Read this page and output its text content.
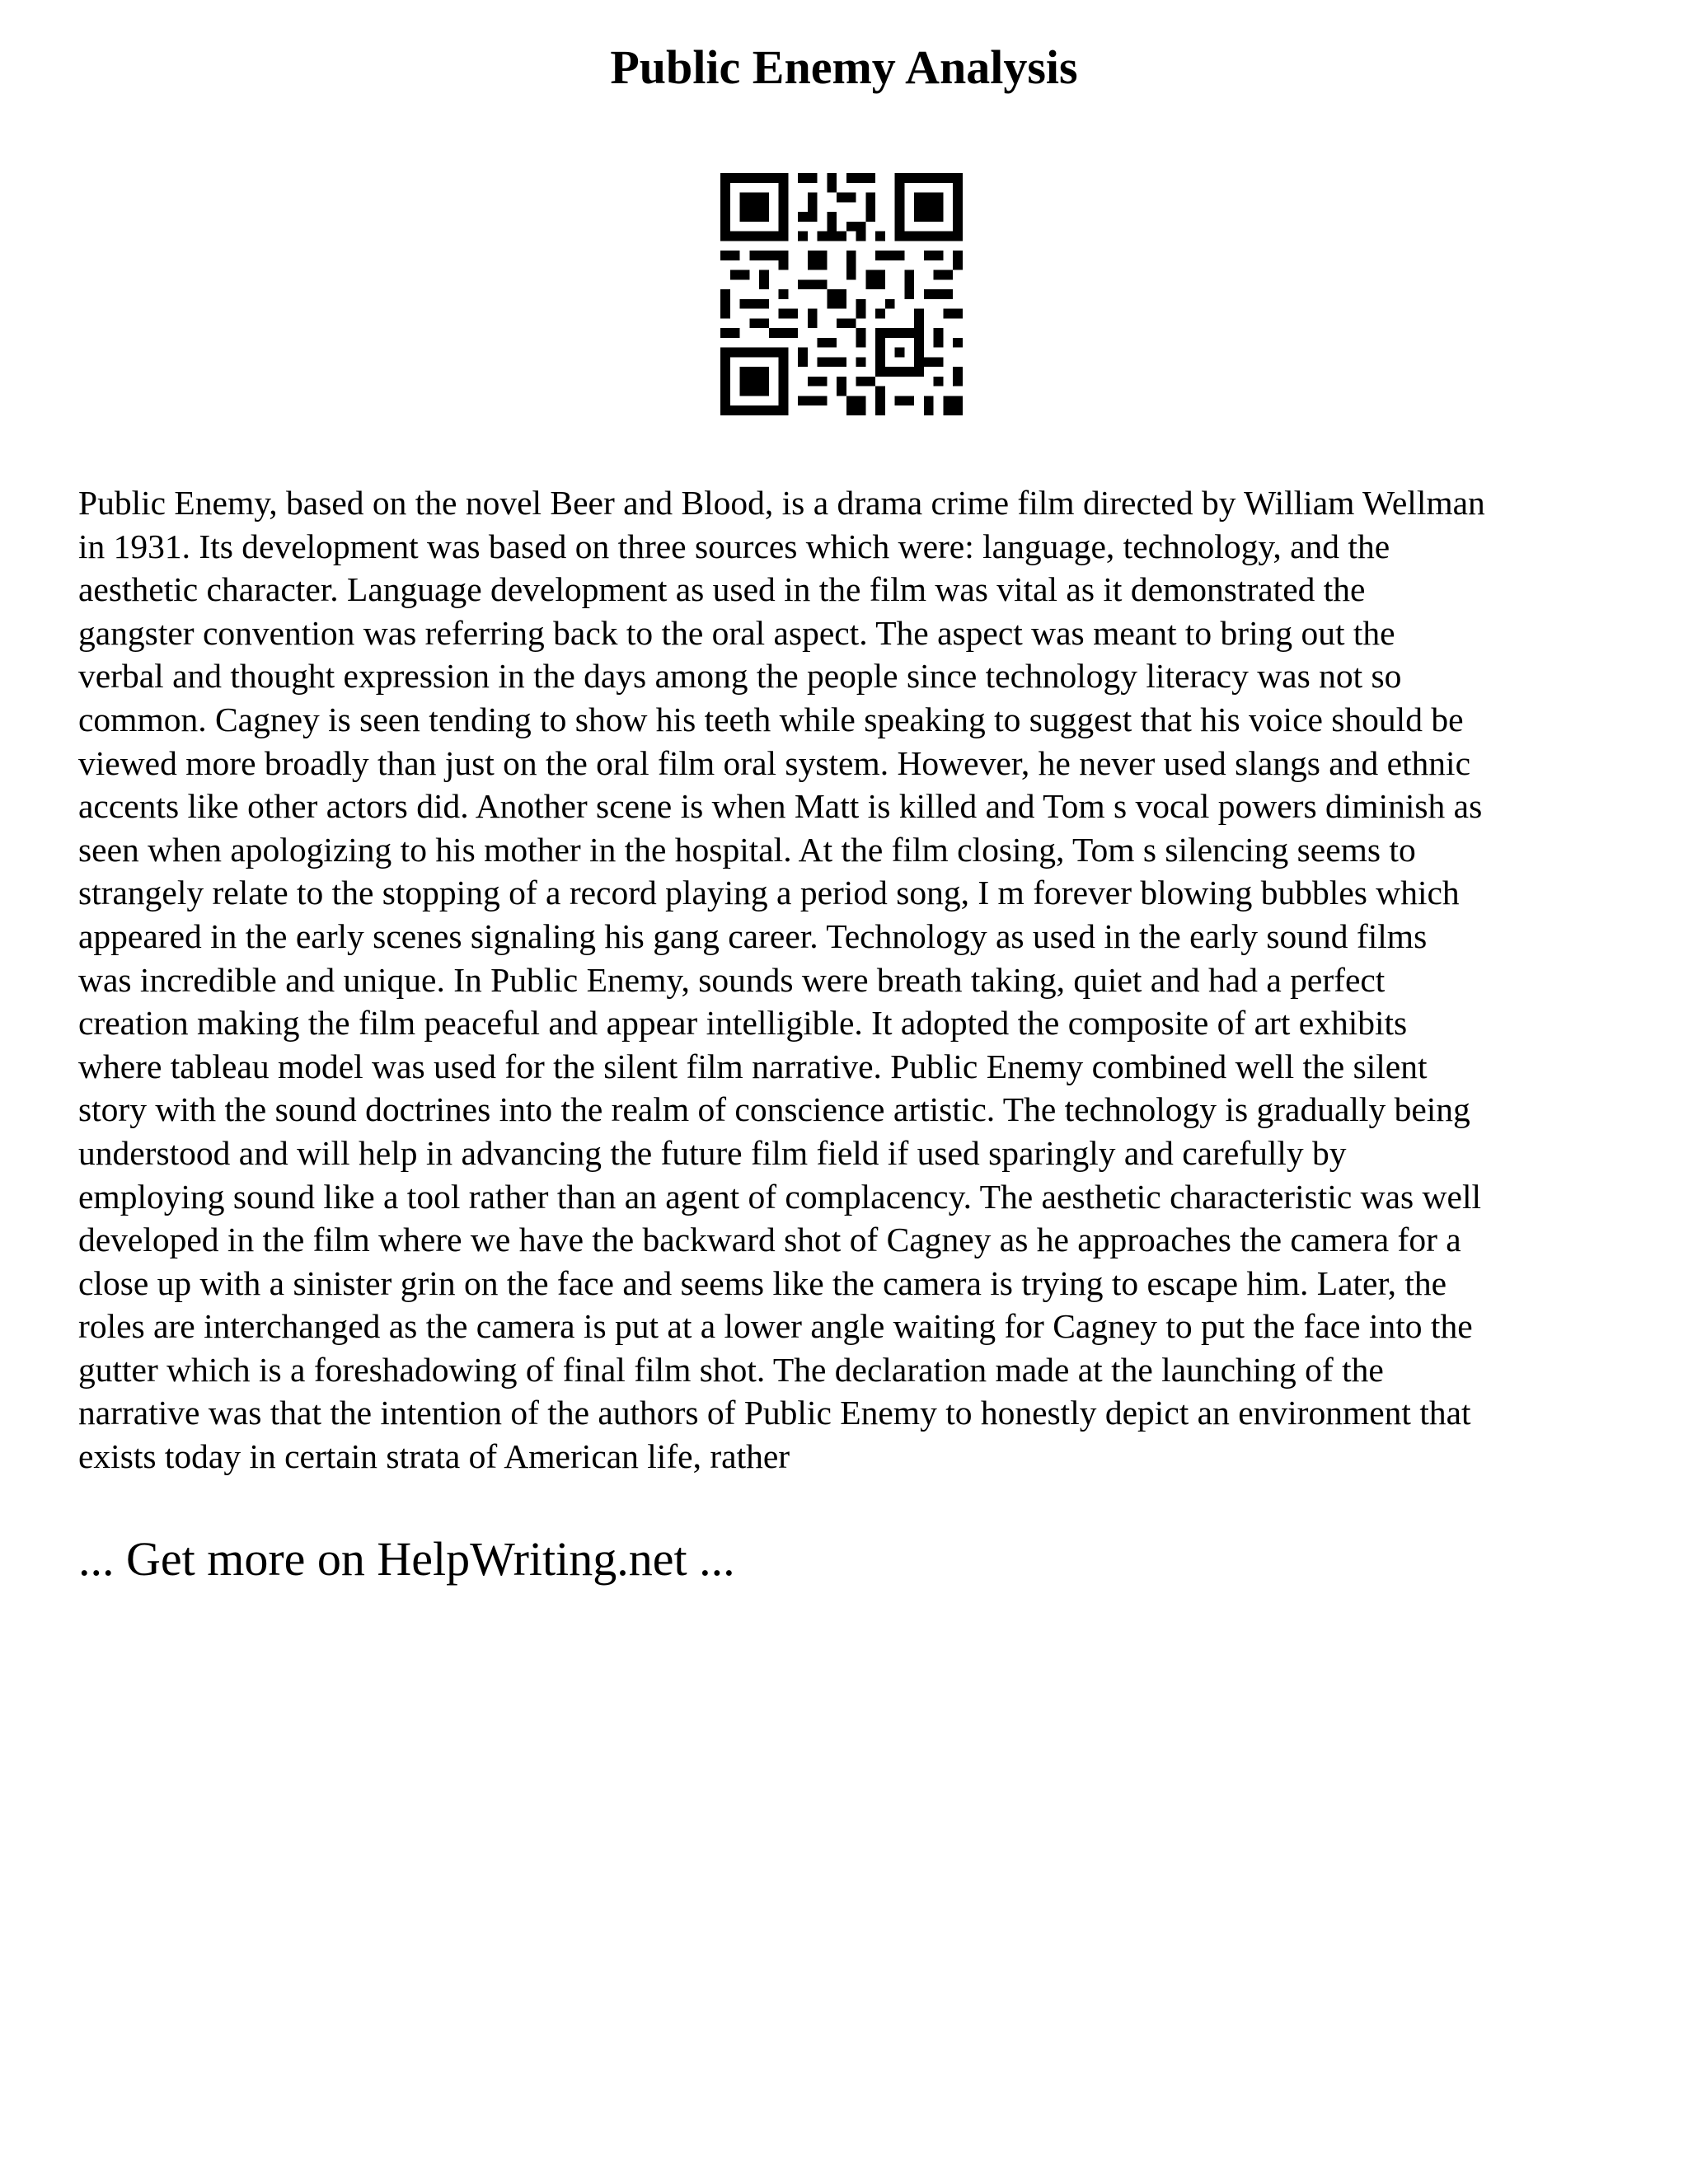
Public Enemy Analysis

Public Enemy, based on the novel Beer and Blood, is a drama crime film directed by William Wellman
in 1931. Its development was based on three sources which were: language, technology, and the
aesthetic character. Language development as used in the film was vital as it demonstrated the
gangster convention was referring back to the oral aspect. The aspect was meant to bring out the
verbal and thought expression in the days among the people since technology literacy was not so
common. Cagney is seen tending to show his teeth while speaking to suggest that his voice should be
viewed more broadly than just on the oral film oral system. However, he never used slangs and ethnic
accents like other actors did. Another scene is when Matt is killed and Tom s vocal powers diminish as
seen when apologizing to his mother in the hospital. At the film closing, Tom s silencing seems to
strangely relate to the stopping of a record playing a period song, I m forever blowing bubbles which
appeared in the early scenes signaling his gang career. Technology as used in the early sound films
was incredible and unique. In Public Enemy, sounds were breath taking, quiet and had a perfect
creation making the film peaceful and appear intelligible. It adopted the composite of art exhibits
where tableau model was used for the silent film narrative. Public Enemy combined well the silent
story with the sound doctrines into the realm of conscience artistic. The technology is gradually being
understood and will help in advancing the future film field if used sparingly and carefully by
employing sound like a tool rather than an agent of complacency. The aesthetic characteristic was well
developed in the film where we have the backward shot of Cagney as he approaches the camera for a
close up with a sinister grin on the face and seems like the camera is trying to escape him. Later, the
roles are interchanged as the camera is put at a lower angle waiting for Cagney to put the face into the
gutter which is a foreshadowing of final film shot. The declaration made at the launching of the
narrative was that the intention of the authors of Public Enemy to honestly depict an environment that
exists today in certain strata of American life, rather

... Get more on HelpWriting.net ...
